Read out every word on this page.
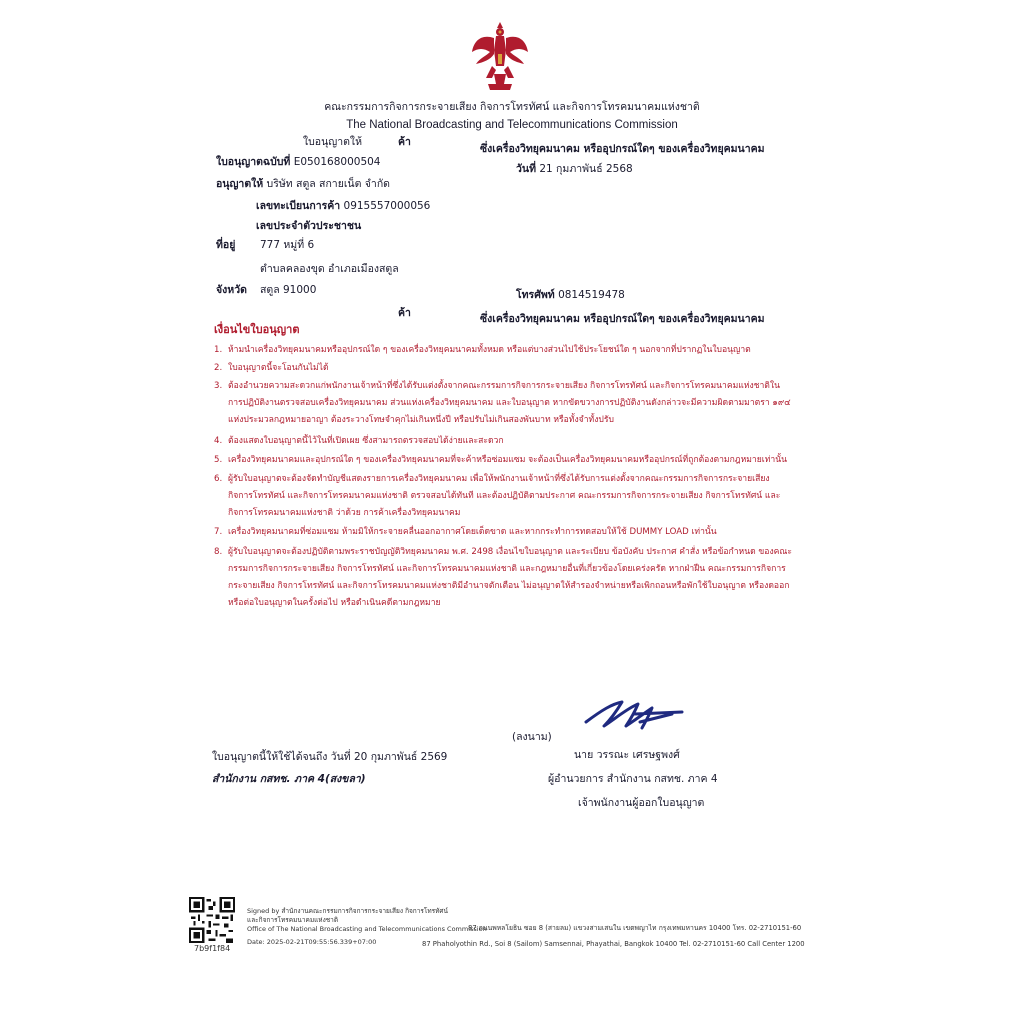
คณะกรรมการกิจการกระจายเสียง กิจการโทรทัศน์ และกิจการโทรคมนาคมแห่งชาติ
The National Broadcasting and Telecommunications Commission
ใบอนุญาตให้	ค้า
ซึ่งเครื่องวิทยุคมนาคม หรืออุปกรณ์ใดๆ ของเครื่องวิทยุคมนาคม
ใบอนุญาตฉบับที่ E050168000504
วันที่ 21 กุมภาพันธ์ 2568
อนุญาตให้ บริษัท สตูล สกายเน็ต จำกัด
เลขทะเบียนการค้า 0915557000056
เลขประจำตัวประชาชน
ที่อยู่ 777 หมู่ที่ 6
ตำบลคลองขุด อำเภอเมืองสตูล
จังหวัด สตูล 91000	โทรศัพท์ 0814519478
ค้า	ซึ่งเครื่องวิทยุคมนาคม หรืออุปกรณ์ใดๆ ของเครื่องวิทยุคมนาคม
เงื่อนไขใบอนุญาต
1. ห้ามนำเครื่องวิทยุคมนาคมหรืออุปกรณ์ใด ๆ ของเครื่องวิทยุคมนาคมทั้งหมด หรือแต่บางส่วนไปใช้ประโยชน์ใด ๆ นอกจากที่ปรากฏในใบอนุญาต
2. ใบอนุญาตนี้จะโอนกันไม่ได้
3. ต้องอำนวยความสะดวกแก่พนักงานเจ้าหน้าที่ซึ่งได้รับแต่งตั้งจากคณะกรรมการกิจการกระจายเสียง กิจการโทรทัศน์ และกิจการโทรคมนาคมแห่งชาติในการปฏิบัติงานตรวจสอบเครื่องวิทยุคมนาคม ส่วนแห่งเครื่องวิทยุคมนาคม และใบอนุญาต หากขัดขวางการปฏิบัติงานดังกล่าวจะมีความผิดตามมาตรา ๑๙๔ แห่งประมวลกฎหมายอาญา ต้องระวางโทษจำคุกไม่เกินหนึ่งปี หรือปรับไม่เกินสองพันบาท หรือทั้งจำทั้งปรับ
4. ต้องแสดงใบอนุญาตนี้ไว้ในที่เปิดเผย ซึ่งสามารถตรวจสอบได้ง่ายและสะดวก
5. เครื่องวิทยุคมนาคมและอุปกรณ์ใด ๆ ของเครื่องวิทยุคมนาคมที่จะค้าหรือซ่อมแซม จะต้องเป็นเครื่องวิทยุคมนาคมหรืออุปกรณ์ที่ถูกต้องตามกฎหมายเท่านั้น
6. ผู้รับใบอนุญาตจะต้องจัดทำบัญชีแสดงรายการเครื่องวิทยุคมนาคม เพื่อให้พนักงานเจ้าหน้าที่ซึ่งได้รับการแต่งตั้งจากคณะกรรมการกิจการกระจายเสียง กิจการโทรทัศน์ และกิจการโทรคมนาคมแห่งชาติ ตรวจสอบได้ทันที และต้องปฏิบัติตามประกาศ คณะกรรมการกิจการกระจายเสียง กิจการโทรทัศน์ และกิจการโทรคมนาคมแห่งชาติ ว่าด้วย การค้าเครื่องวิทยุคมนาคม
7. เครื่องวิทยุคมนาคมที่ซ่อมแซม ห้ามมิให้กระจายคลื่นออกอากาศโดยเด็ดขาด และหากกระทำการทดสอบให้ใช้ DUMMY LOAD เท่านั้น
8. ผู้รับใบอนุญาตจะต้องปฏิบัติตามพระราชบัญญัติวิทยุคมนาคม พ.ศ. 2498 เงื่อนไขใบอนุญาต และระเบียบ ข้อบังคับ ประกาศ คำสั่ง หรือข้อกำหนด ของคณะกรรมการกิจการกระจายเสียง กิจการโทรทัศน์ และกิจการโทรคมนาคมแห่งชาติ และกฎหมายอื่นที่เกี่ยวข้องโดยเคร่งครัด หากฝ่าฝืน คณะกรรมการกิจการกระจายเสียง กิจการโทรทัศน์ และกิจการโทรคมนาคมแห่งชาติมีอำนาจตักเตือน ไม่อนุญาตให้สำรองจำหน่ายหรือเพิกถอนหรือพักใช้ใบอนุญาต หรืองดออกหรือต่อใบอนุญาตในครั้งต่อไป หรือดำเนินคดีตามกฎหมาย
(ลงนาม)
นาย วรรณะ เศรษฐพงศ์
ผู้อำนวยการ สำนักงาน กสทช. ภาค 4
เจ้าพนักงานผู้ออกใบอนุญาต
ใบอนุญาตนี้ให้ใช้ได้จนถึง วันที่ 20 กุมภาพันธ์ 2569
สำนักงาน กสทช. ภาค 4(สงขลา)
7b9f1f84
Signed by สำนักงานคณะกรรมการกิจการกระจายเสียง กิจการโทรทัศน์
และกิจการโทรคมนาคมแห่งชาติ
Office of The National Broadcasting and Telecommunications Commission
Date: 2025-02-21T09:55:56.339+07:00
87 ถนนพหลโยธิน ซอย 8 (สายลม) แขวงสามเสนใน เขตพญาไท กรุงเทพมหานคร 10400 โทร. 02-2710151-60
87 Phaholyothin Rd., Soi 8 (Sailom) Samsennai, Phayathai, Bangkok 10400 Tel. 02-2710151-60 Call Center 1200
